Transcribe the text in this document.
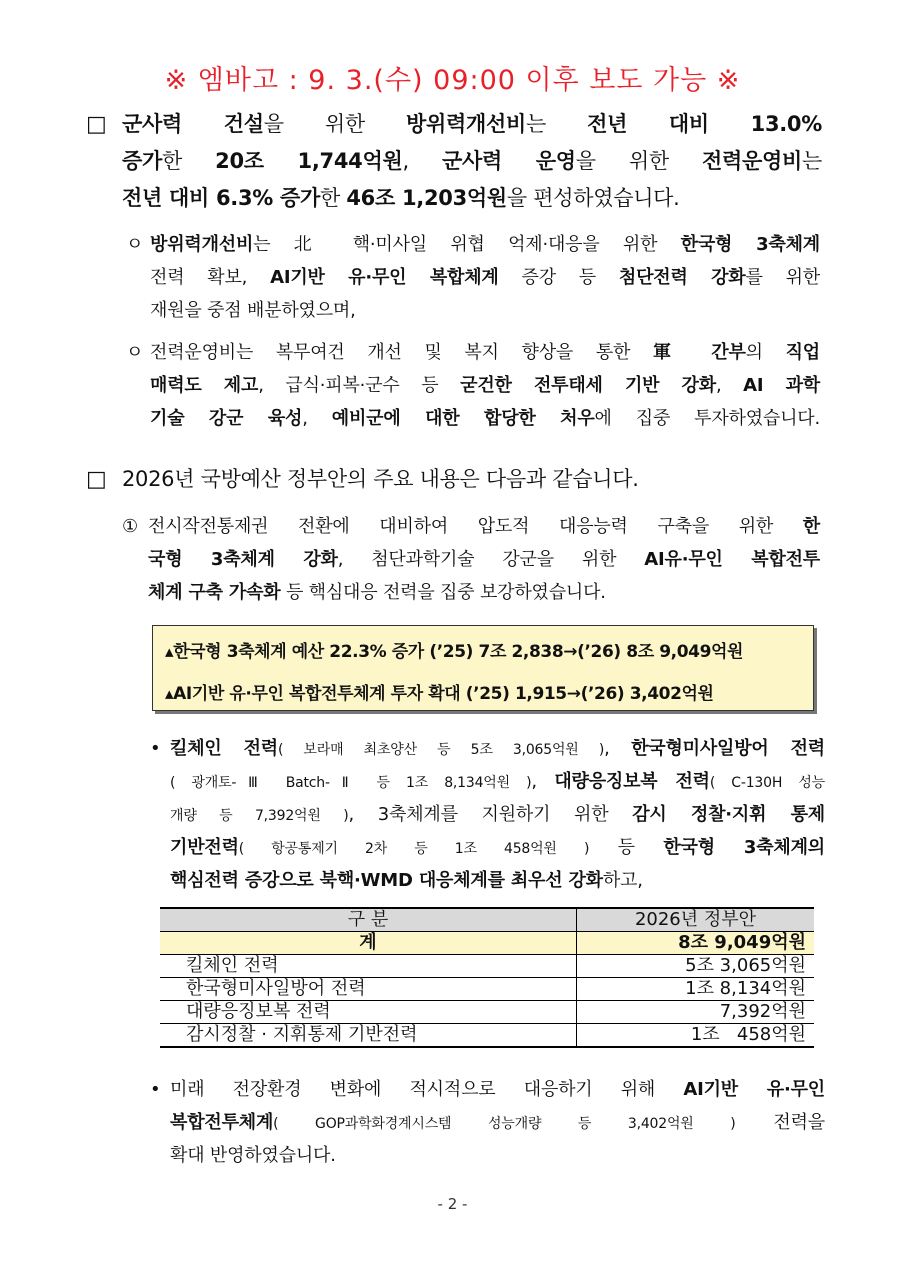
※ 엠바고 : 9. 3.(수) 09:00 이후 보도 가능 ※
□ 군사력 건설을 위한 방위력개선비는 전년 대비 13.0%
증가한 20조 1,744억원, 군사력 운영을 위한 전력운영비는
전년 대비 6.3% 증가한 46조 1,203억원을 편성하였습니다.
ㅇ 방위력개선비는 北 핵·미사일 위협 억제·대응을 위한 한국형 3축체계
전력 확보, AI기반 유·무인 복합체계 증강 등 첨단전력 강화를 위한
재원을 중점 배분하였으며,
ㅇ 전력운영비는 복무여건 개선 및 복지 향상을 통한 軍 간부의 직업
매력도 제고, 급식·피복·군수 등 굳건한 전투태세 기반 강화, AI 과학
기술 강군 육성, 예비군에 대한 합당한 처우에 집중 투자하였습니다.
□ 2026년 국방예산 정부안의 주요 내용은 다음과 같습니다.
① 전시작전통제권 전환에 대비하여 압도적 대응능력 구축을 위한 한
국형 3축체계 강화, 첨단과학기술 강군을 위한 AI유·무인 복합전투
체계 구축 가속화 등 핵심대응 전력을 집중 보강하였습니다.
▴한국형 3축체계 예산 22.3% 증가 (’25) 7조 2,838→(’26) 8조 9,049억원
▴AI기반 유·무인 복합전투체계 투자 확대 (’25) 1,915→(’26) 3,402억원
• 킬체인 전력( 보라매 최초양산 등 5조 3,065억원 ), 한국형미사일방어 전력
( 광개토-Ⅲ Batch-Ⅱ 등 1조 8,134억원 ), 대량응징보복 전력( C-130H 성능
개량 등 7,392억원 ), 3축체계를 지원하기 위한 감시 정찰·지휘 통제
기반전력( 항공통제기 2차 등 1조 458억원 ) 등 한국형 3축체계의
핵심전력 증강으로 북핵·WMD 대응체계를 최우선 강화하고,
구 분	2026년 정부안
계	8조 9,049억원
킬체인 전력	5조 3,065억원
한국형미사일방어 전력	1조 8,134억원
대량응징보복 전력	7,392억원
감시정찰 · 지휘통제 기반전력	1조   458억원
• 미래 전장환경 변화에 적시적으로 대응하기 위해 AI기반 유·무인
복합전투체계( GOP과학화경계시스템 성능개량 등 3,402억원 ) 전력을
확대 반영하였습니다.
- 2 -
